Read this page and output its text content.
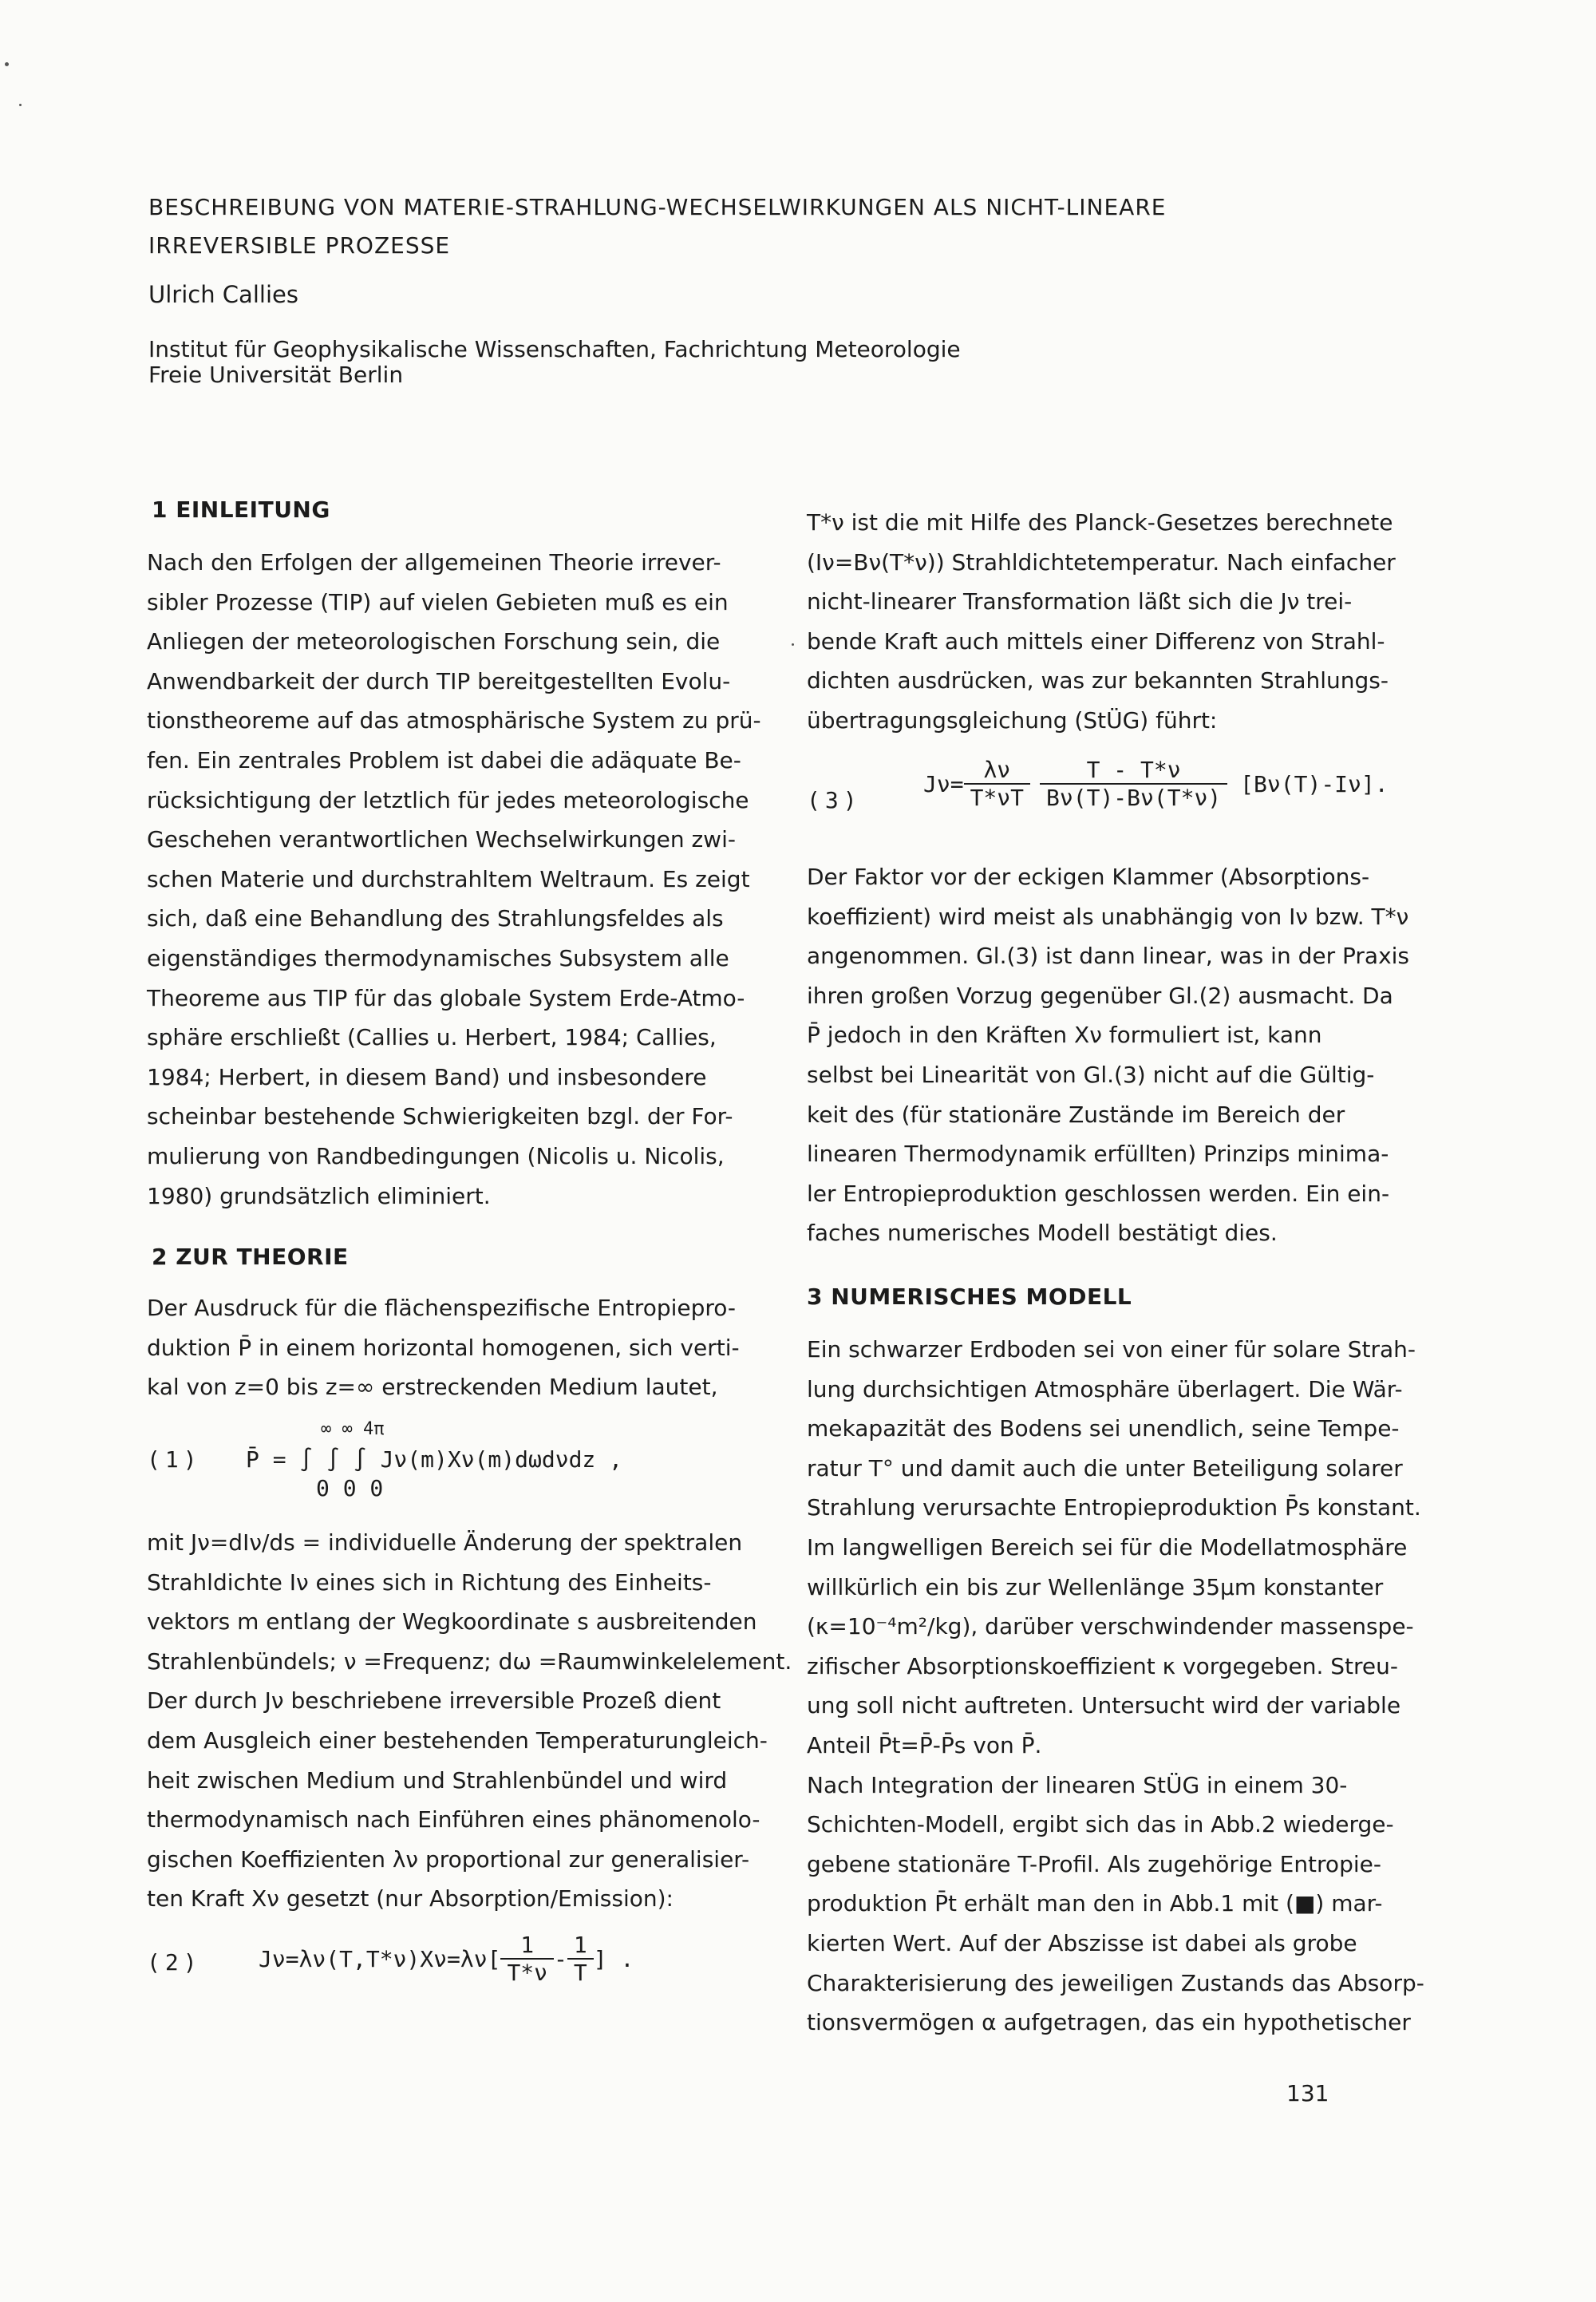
BESCHREIBUNG VON MATERIE-STRAHLUNG-WECHSELWIRKUNGEN ALS NICHT-LINEARE

IRREVERSIBLE PROZESSE

Ulrich Callies
Institut für Geophysikalische Wissenschaften, Fachrichtung Meteorologie
Freie Universität Berlin
1 EINLEITUNG
Nach den Erfolgen der allgemeinen Theorie irrever-
sibler Prozesse (TIP) auf vielen Gebieten muß es ein
Anliegen der meteorologischen Forschung sein, die
Anwendbarkeit der durch TIP bereitgestellten Evolu-
tionstheoreme auf das atmosphärische System zu prü-
fen. Ein zentrales Problem ist dabei die adäquate Be-
rücksichtigung der letztlich für jedes meteorologische
Geschehen verantwortlichen Wechselwirkungen zwi-
schen Materie und durchstrahltem Weltraum. Es zeigt
sich, daß eine Behandlung des Strahlungsfeldes als
eigenständiges thermodynamisches Subsystem alle
Theoreme aus TIP für das globale System Erde-Atmo-
sphäre erschließt (Callies u. Herbert, 1984; Callies,
1984; Herbert, in diesem Band) und insbesondere
scheinbar bestehende Schwierigkeiten bzgl. der For-
mulierung von Randbedingungen (Nicolis u. Nicolis,
1980) grundsätzlich eliminiert.
2 ZUR THEORIE
Der Ausdruck für die flächenspezifische Entropiepro-
duktion P̄ in einem horizontal homogenen, sich verti-
kal von z=0 bis z=∞ erstreckenden Medium lautet,
(1)
∞ ∞ 4π
P̄ = ∫ ∫ ∫ Jν(m)Xν(m)dωdνdz ,
0 0 0
mit Jν=dIν/ds = individuelle Änderung der spektralen
Strahldichte Iν eines sich in Richtung des Einheits-
vektors m entlang der Wegkoordinate s ausbreitenden
Strahlenbündels; ν =Frequenz; dω =Raumwinkelelement.
Der durch Jν beschriebene irreversible Prozeß dient
dem Ausgleich einer bestehenden Temperaturungleich-
heit zwischen Medium und Strahlenbündel und wird
thermodynamisch nach Einführen eines phänomenolo-
gischen Koeffizienten λν proportional zur generalisier-
ten Kraft Xν gesetzt (nur Absorption/Emission):
(2)	$J\nu=\lambda\nu(T,T*\nu)X\nu=\lambda\nu[ \frac{1}{T*\nu} - \frac{1}{T}$ ] .
T*ν ist die mit Hilfe des Planck-Gesetzes berechnete
(Iν=Bν(T*ν)) Strahldichtetemperatur. Nach einfacher
nicht-linearer Transformation läßt sich die Jν trei-
bende Kraft auch mittels einer Differenz von Strahl-
dichten ausdrücken, was zur bekannten Strahlungs-
übertragungsgleichung (StÜG) führt:
(3)
$J\nu= \frac{\lambda\nu}{T*\nu T} \frac{T - T*\nu}{B\nu(T)-B\nu(T*\nu)} [B\nu(T)-I\nu]$.
Der Faktor vor der eckigen Klammer (Absorptions-
koeffizient) wird meist als unabhängig von Iν bzw. T*ν
angenommen. Gl.(3) ist dann linear, was in der Praxis
ihren großen Vorzug gegenüber Gl.(2) ausmacht. Da
P̄ jedoch in den Kräften Xν formuliert ist, kann
selbst bei Linearität von Gl.(3) nicht auf die Gültig-
keit des (für stationäre Zustände im Bereich der
linearen Thermodynamik erfüllten) Prinzips minima-
ler Entropieproduktion geschlossen werden. Ein ein-
faches numerisches Modell bestätigt dies.
3 NUMERISCHES MODELL
Ein schwarzer Erdboden sei von einer für solare Strah-
lung durchsichtigen Atmosphäre überlagert. Die Wär-
mekapazität des Bodens sei unendlich, seine Tempe-
ratur T° und damit auch die unter Beteiligung solarer
Strahlung verursachte Entropieproduktion P̄s konstant.
Im langwelligen Bereich sei für die Modellatmosphäre
willkürlich ein bis zur Wellenlänge 35μm konstanter
(κ=10⁻⁴m²/kg), darüber verschwindender massenspe-
zifischer Absorptionskoeffizient κ vorgegeben. Streu-
ung soll nicht auftreten. Untersucht wird der variable
Anteil P̄t=P̄-P̄s von P̄.
Nach Integration der linearen StÜG in einem 30-
Schichten-Modell, ergibt sich das in Abb.2 wiederge-
gebene stationäre T-Profil. Als zugehörige Entropie-
produktion P̄t erhält man den in Abb.1 mit (■) mar-
kierten Wert. Auf der Abszisse ist dabei als grobe
Charakterisierung des jeweiligen Zustands das Absorp-
tionsvermögen α aufgetragen, das ein hypothetischer
131
